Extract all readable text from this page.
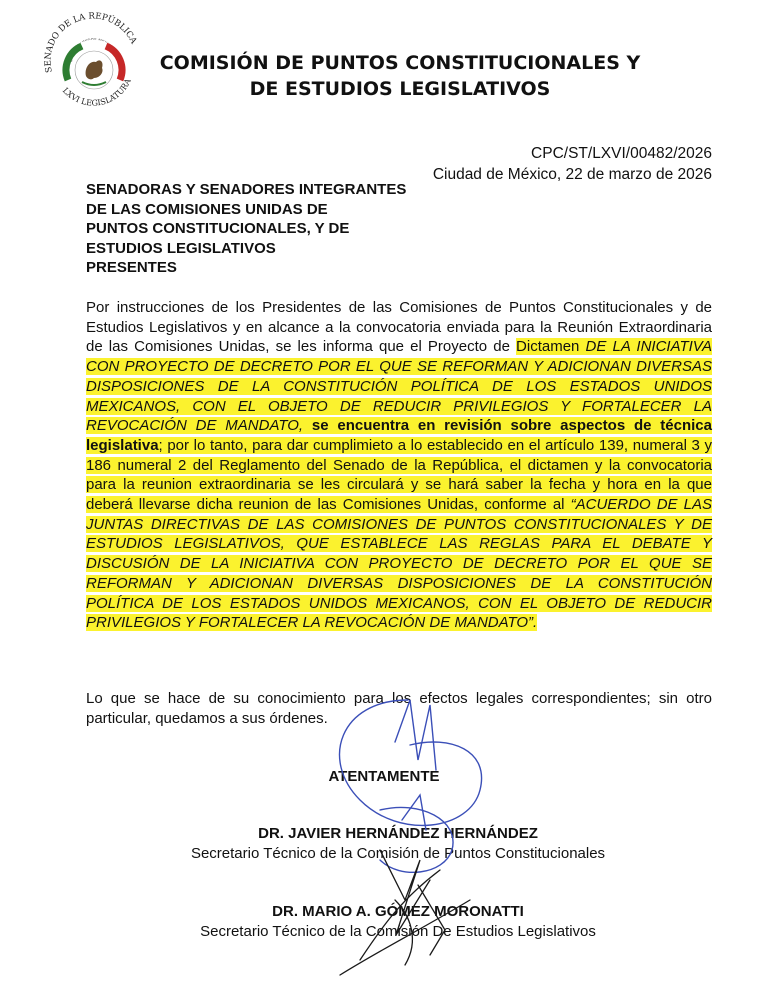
SENADO DE LA REPÚBLICA
LXVI LEGISLATURA
ESTADOS UNIDOS MEXICANO	COMISIÓN DE PUNTOS CONSTITUCIONALES Y
DE ESTUDIOS LEGISLATIVOS
CPC/ST/LXVI/00482/2026
Ciudad de México, 22 de marzo de 2026
SENADORAS Y SENADORES INTEGRANTES
DE LAS COMISIONES UNIDAS DE
PUNTOS CONSTITUCIONALES, Y DE
ESTUDIOS LEGISLATIVOS
PRESENTES
Por instrucciones de los Presidentes de las Comisiones de Puntos Constitucionales y de Estudios Legislativos y en alcance a la convocatoria enviada para la Reunión Extraordinaria de las Comisiones Unidas, se les informa que el Proyecto de Dictamen DE LA INICIATIVA CON PROYECTO DE DECRETO POR EL QUE SE REFORMAN Y ADICIONAN DIVERSAS DISPOSICIONES DE LA CONSTITUCIÓN POLÍTICA DE LOS ESTADOS UNIDOS MEXICANOS, CON EL OBJETO DE REDUCIR PRIVILEGIOS Y FORTALECER LA REVOCACIÓN DE MANDATO, se encuentra en revisión sobre aspectos de técnica legislativa; por lo tanto, para dar cumplimieto a lo establecido en el artículo 139, numeral 3 y 186 numeral 2 del Reglamento del Senado de la República, el dictamen y la convocatoria para la reunion extraordinaria se les circulará y se hará saber la fecha y hora en la que deberá llevarse dicha reunion de las Comisiones Unidas, conforme al “ACUERDO DE LAS JUNTAS DIRECTIVAS DE LAS COMISIONES DE PUNTOS CONSTITUCIONALES Y DE ESTUDIOS LEGISLATIVOS, QUE ESTABLECE LAS REGLAS PARA EL DEBATE Y DISCUSIÓN DE LA INICIATIVA CON PROYECTO DE DECRETO POR EL QUE SE REFORMAN Y ADICIONAN DIVERSAS DISPOSICIONES DE LA CONSTITUCIÓN POLÍTICA DE LOS ESTADOS UNIDOS MEXICANOS, CON EL OBJETO DE REDUCIR PRIVILEGIOS Y FORTALECER LA REVOCACIÓN DE MANDATO”.
Lo que se hace de su conocimiento para los efectos legales correspondientes; sin otro particular, quedamos a sus órdenes.
ATENTAMENTE
DR. JAVIER HERNÁNDEZ HERNÁNDEZ
Secretario Técnico de la Comisión de Puntos Constitucionales
DR. MARIO A. GÓMEZ MORONATTI
Secretario Técnico de la Comisión De Estudios Legislativos
